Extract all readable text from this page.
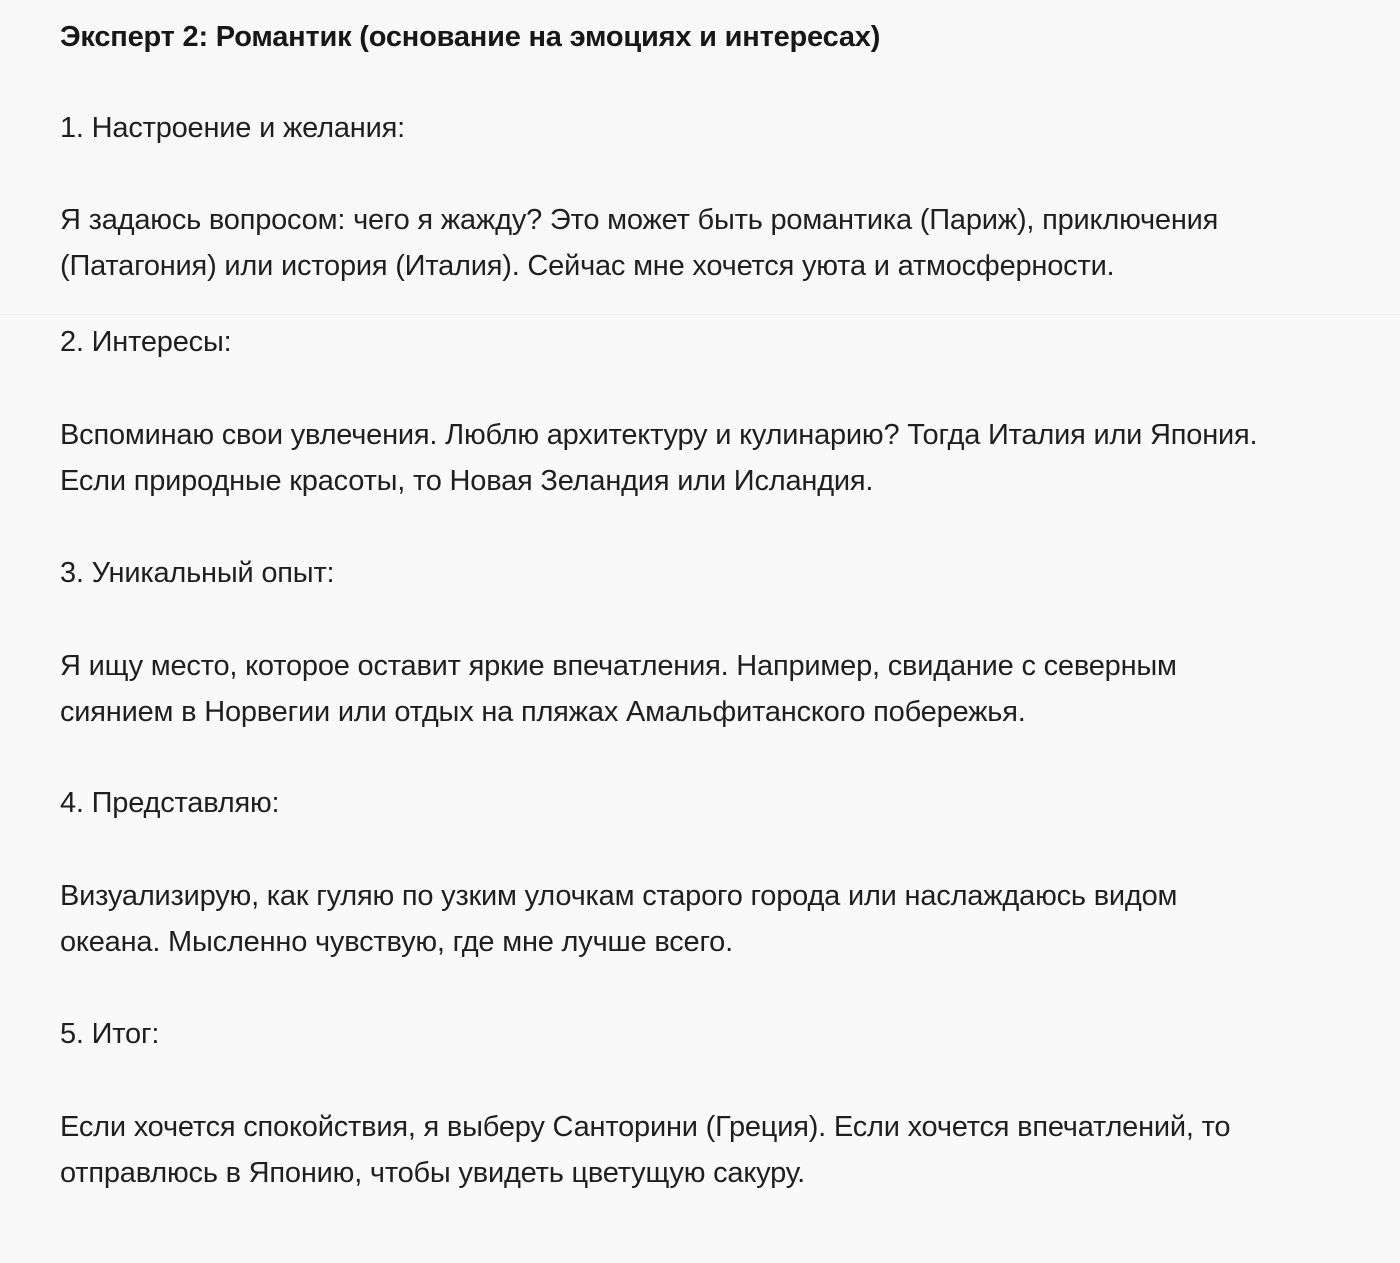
Эксперт 2: Романтик (основание на эмоциях и интересах)
1. Настроение и желания:
Я задаюсь вопросом: чего я жажду? Это может быть романтика (Париж), приключения
(Патагония) или история (Италия). Сейчас мне хочется уюта и атмосферности.
2. Интересы:
Вспоминаю свои увлечения. Люблю архитектуру и кулинарию? Тогда Италия или Япония.
Если природные красоты, то Новая Зеландия или Исландия.
3. Уникальный опыт:
Я ищу место, которое оставит яркие впечатления. Например, свидание с северным
сиянием в Норвегии или отдых на пляжах Амальфитанского побережья.
4. Представляю:
Визуализирую, как гуляю по узким улочкам старого города или наслаждаюсь видом
океана. Мысленно чувствую, где мне лучше всего.
5. Итог:
Если хочется спокойствия, я выберу Санторини (Греция). Если хочется впечатлений, то
отправлюсь в Японию, чтобы увидеть цветущую сакуру.
